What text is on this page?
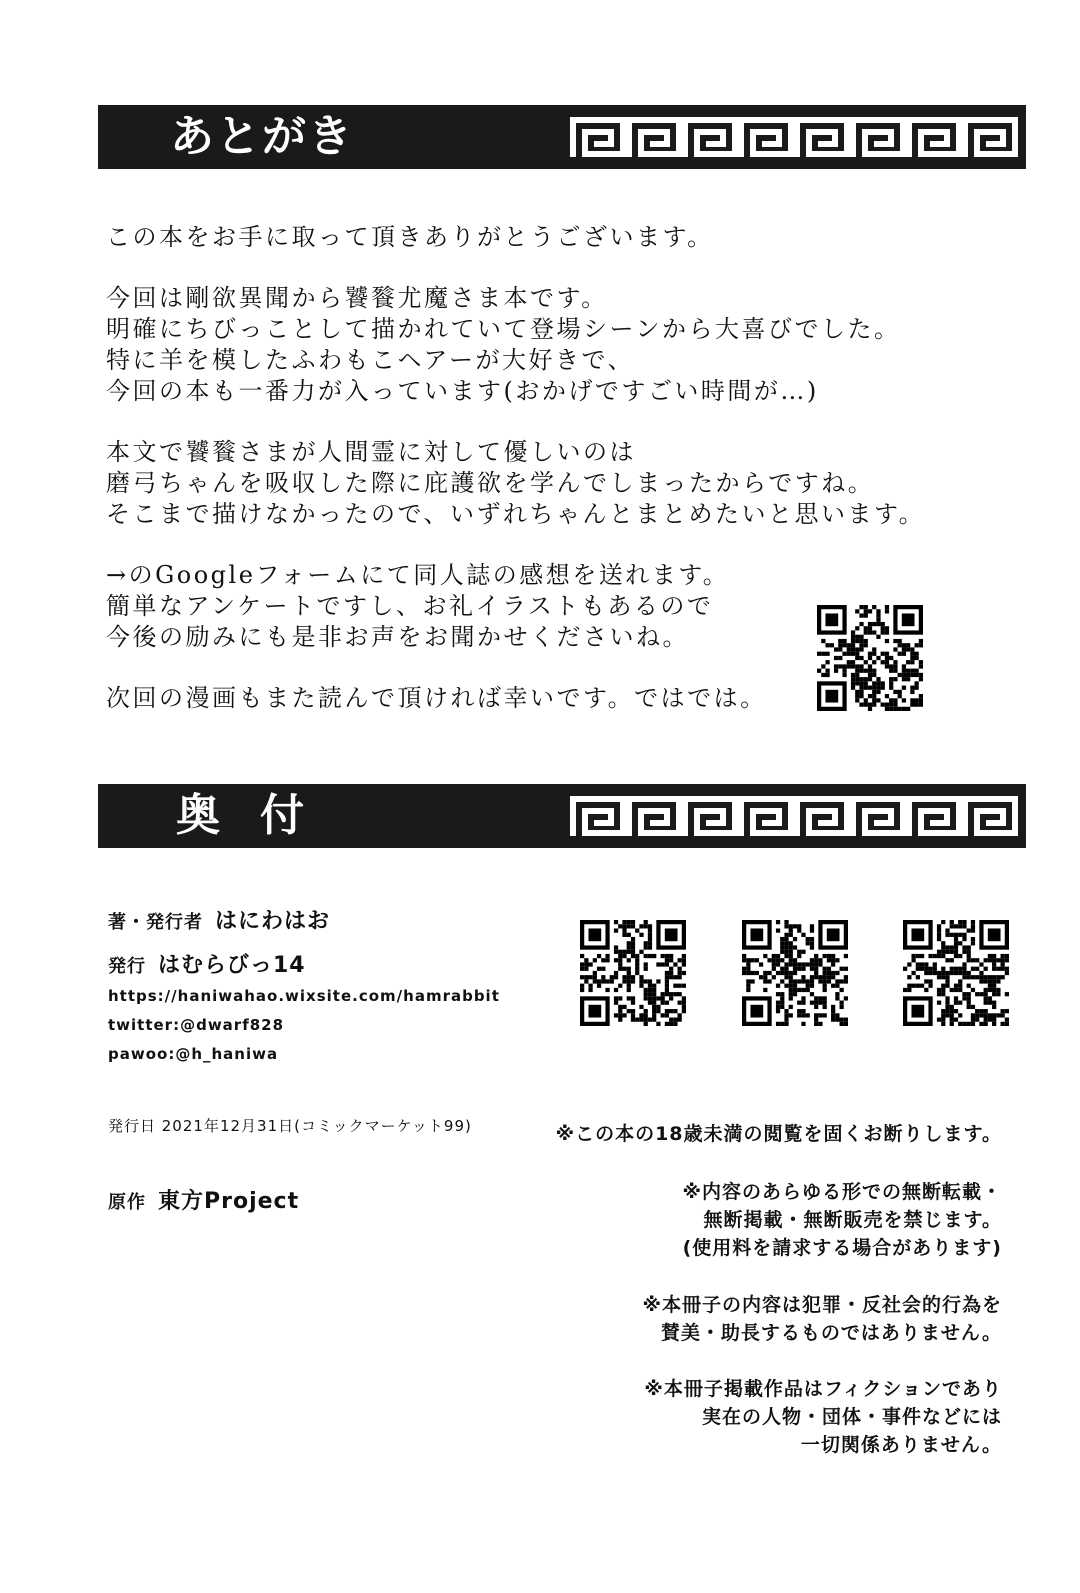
あとがき
この本をお手に取って頂きありがとうございます。
今回は剛欲異聞から饕餮尤魔さま本です。
明確にちびっことして描かれていて登場シーンから大喜びでした。
特に羊を模したふわもこヘアーが大好きで、
今回の本も一番力が入っています(おかげですごい時間が…)
本文で饕餮さまが人間霊に対して優しいのは
磨弓ちゃんを吸収した際に庇護欲を学んでしまったからですね。
そこまで描けなかったので、いずれちゃんとまとめたいと思います。
→のGoogleフォームにて同人誌の感想を送れます。
簡単なアンケートですし、お礼イラストもあるので
今後の励みにも是非お声をお聞かせくださいね。
次回の漫画もまた読んで頂ければ幸いです。ではでは。
奥付
著・発行者 はにわはお
発行 はむらびっ14
https://haniwahao.wixsite.com/hamrabbit
twitter:@dwarf828
pawoo:@h_haniwa
発行日 2021年12月31日(コミックマーケット99)
原作 東方Project
※この本の18歳未満の閲覧を固くお断りします。
※内容のあらゆる形での無断転載・
無断掲載・無断販売を禁じます。
(使用料を請求する場合があります)
※本冊子の内容は犯罪・反社会的行為を
賛美・助長するものではありません。
※本冊子掲載作品はフィクションであり
実在の人物・団体・事件などには
一切関係ありません。
